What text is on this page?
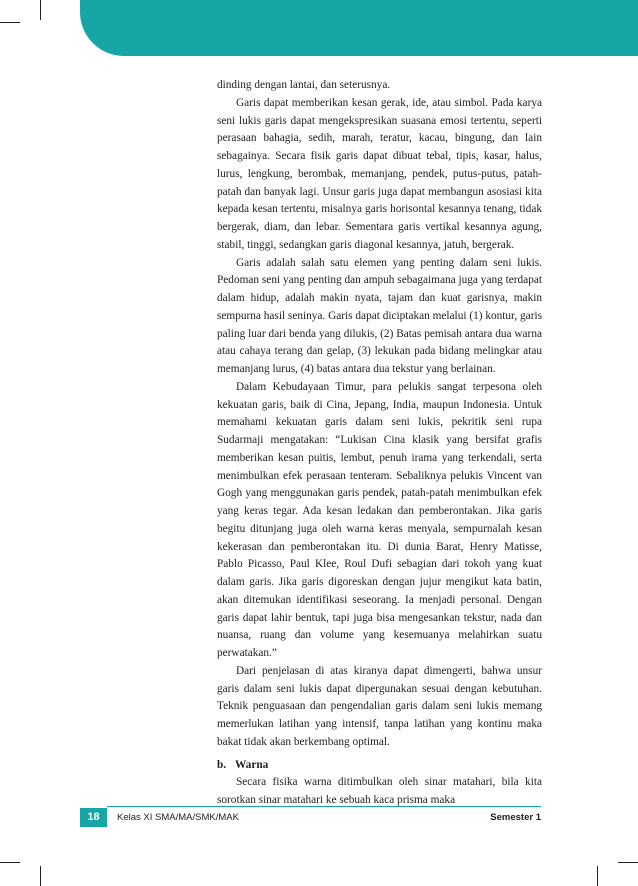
dinding dengan lantai, dan seterusnya.

Garis dapat memberikan kesan gerak, ide, atau simbol. Pada karya seni lukis garis dapat mengekspresikan suasana emosi tertentu, seperti perasaan bahagia, sedih, marah, teratur, kacau, bingung, dan lain sebagainya. Secara fisik garis dapat dibuat tebal, tipis, kasar, halus, lurus, lengkung, berombak, memanjang, pendek, putus-putus, patah-patah dan banyak lagi. Unsur garis juga dapat membangun asosiasi kita kepada kesan tertentu, misalnya garis horisontal kesannya tenang, tidak bergerak, diam, dan lebar. Sementara garis vertikal kesannya agung, stabil, tinggi, sedangkan garis diagonal kesannya, jatuh, bergerak.

Garis adalah salah satu elemen yang penting dalam seni lukis. Pedoman seni yang penting dan ampuh sebagaimana juga yang terdapat dalam hidup, adalah makin nyata, tajam dan kuat garisnya, makin sempurna hasil seninya. Garis dapat diciptakan melalui (1) kontur, garis paling luar dari benda yang dilukis, (2) Batas pemisah antara dua warna atau cahaya terang dan gelap, (3) lekukan pada bidang melingkar atau memanjang lurus, (4) batas antara dua tekstur yang berlainan.

Dalam Kebudayaan Timur, para pelukis sangat terpesona oleh kekuatan garis, baik di Cina, Jepang, India, maupun Indonesia. Untuk memahami kekuatan garis dalam seni lukis, pekritik seni rupa Sudarmaji mengatakan: “Lukisan Cina klasik yang bersifat grafis memberikan kesan puitis, lembut, penuh irama yang terkendali, serta menimbulkan efek perasaan tenteram. Sebaliknya pelukis Vincent van Gogh yang menggunakan garis pendek, patah-patah menimbulkan efek yang keras tegar. Ada kesan ledakan dan pemberontakan. Jika garis begitu ditunjang juga oleh warna keras menyala, sempurnalah kesan kekerasan dan pemberontakan itu. Di dunia Barat, Henry Matisse, Pablo Picasso, Paul Klee, Roul Dufi sebagian dari tokoh yang kuat dalam garis. Jika garis digoreskan dengan jujur mengikut kata batin, akan ditemukan identifikasi seseorang. Ia menjadi personal. Dengan garis dapat lahir bentuk, tapi juga bisa mengesankan tekstur, nada dan nuansa, ruang dan volume yang kesemuanya melahirkan suatu perwatakan.”

Dari penjelasan di atas kiranya dapat dimengerti, bahwa unsur garis dalam seni lukis dapat dipergunakan sesuai dengan kebutuhan. Teknik penguasaan dan pengendalian garis dalam seni lukis memang memerlukan latihan yang intensif, tanpa latihan yang kontinu maka bakat tidak akan berkembang optimal.

b. Warna

Secara fisika warna ditimbulkan oleh sinar matahari, bila kita sorotkan sinar matahari ke sebuah kaca prisma maka

18	Kelas XI SMA/MA/SMK/MAK	Semester 1
